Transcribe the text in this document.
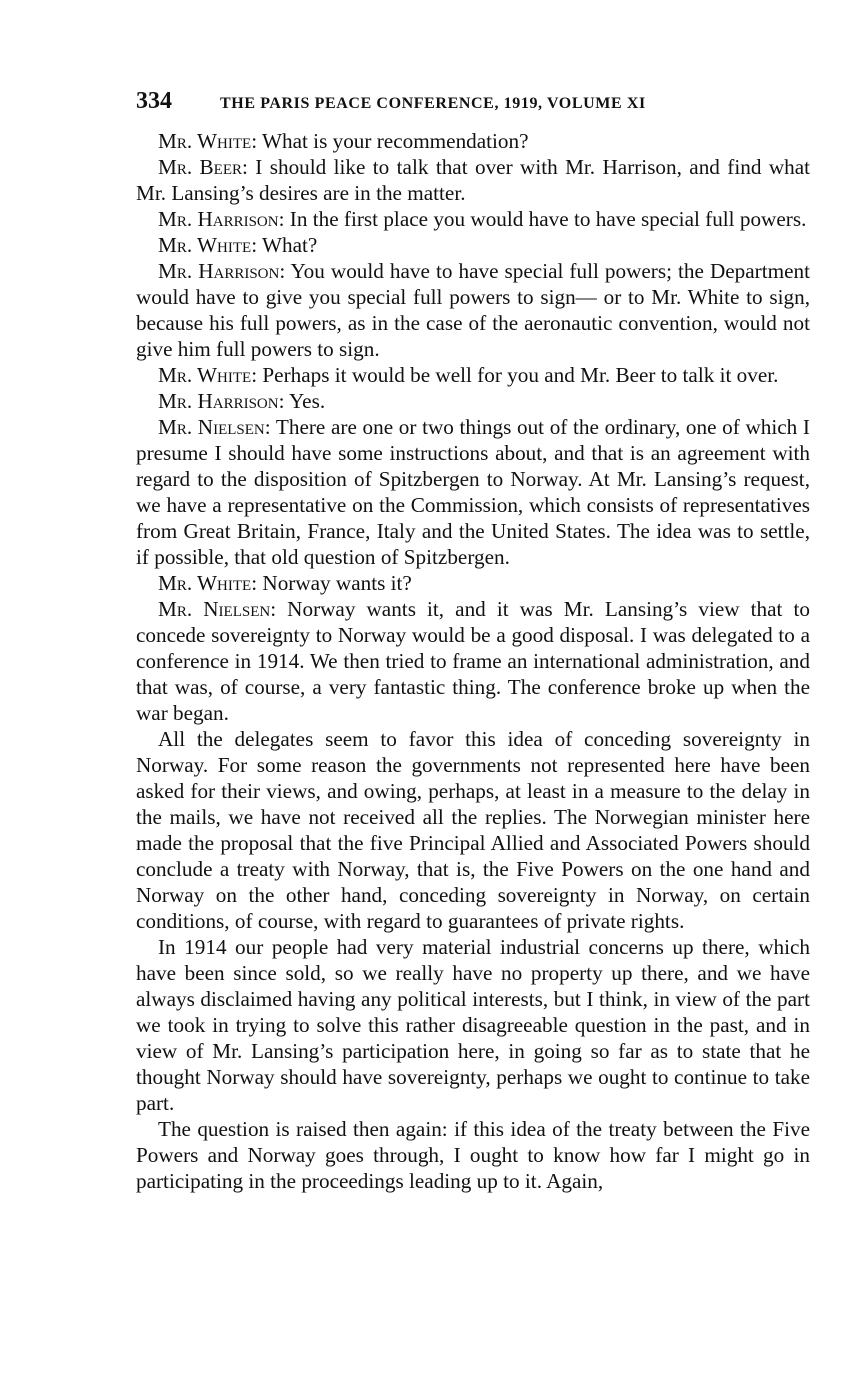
334	THE PARIS PEACE CONFERENCE, 1919, VOLUME XI

Mr. White: What is your recommendation?

Mr. Beer: I should like to talk that over with Mr. Harrison, and find what Mr. Lansing’s desires are in the matter.

Mr. Harrison: In the first place you would have to have special full powers.

Mr. White: What?

Mr. Harrison: You would have to have special full powers; the Department would have to give you special full powers to sign— or to Mr. White to sign, because his full powers, as in the case of the aeronautic convention, would not give him full powers to sign.

Mr. White: Perhaps it would be well for you and Mr. Beer to talk it over.

Mr. Harrison: Yes.

Mr. Nielsen: There are one or two things out of the ordinary, one of which I presume I should have some instructions about, and that is an agreement with regard to the disposition of Spitzbergen to Norway. At Mr. Lansing’s request, we have a representative on the Commission, which consists of representatives from Great Britain, France, Italy and the United States. The idea was to settle, if possible, that old question of Spitzbergen.

Mr. White: Norway wants it?

Mr. Nielsen: Norway wants it, and it was Mr. Lansing’s view that to concede sovereignty to Norway would be a good disposal. I was delegated to a conference in 1914. We then tried to frame an international administration, and that was, of course, a very fantastic thing. The conference broke up when the war began.

All the delegates seem to favor this idea of conceding sovereignty in Norway. For some reason the governments not represented here have been asked for their views, and owing, perhaps, at least in a measure to the delay in the mails, we have not received all the replies. The Norwegian minister here made the proposal that the five Principal Allied and Associated Powers should conclude a treaty with Norway, that is, the Five Powers on the one hand and Norway on the other hand, conceding sovereignty in Norway, on certain conditions, of course, with regard to guarantees of private rights.

In 1914 our people had very material industrial concerns up there, which have been since sold, so we really have no property up there, and we have always disclaimed having any political interests, but I think, in view of the part we took in trying to solve this rather disagreeable question in the past, and in view of Mr. Lansing’s participation here, in going so far as to state that he thought Norway should have sovereignty, perhaps we ought to continue to take part.

The question is raised then again: if this idea of the treaty between the Five Powers and Norway goes through, I ought to know how far I might go in participating in the proceedings leading up to it. Again,
